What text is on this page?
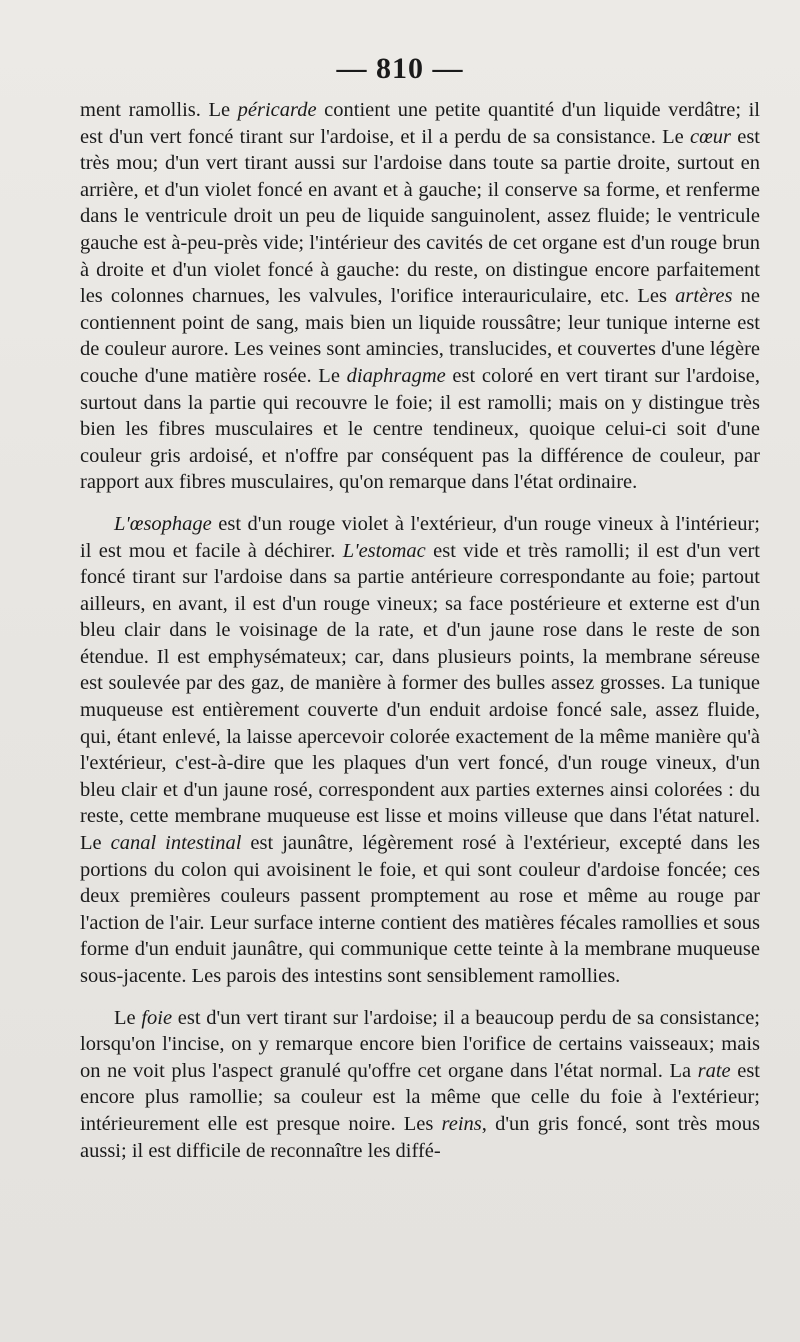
— 810 —

ment ramollis. Le péricarde contient une petite quantité d'un liquide verdâtre; il est d'un vert foncé tirant sur l'ardoise, et il a perdu de sa consistance. Le cœur est très mou; d'un vert tirant aussi sur l'ardoise dans toute sa partie droite, surtout en arrière, et d'un violet foncé en avant et à gauche; il conserve sa forme, et renferme dans le ventricule droit un peu de liquide sanguinolent, assez fluide; le ventricule gauche est à-peu-près vide; l'intérieur des cavités de cet organe est d'un rouge brun à droite et d'un violet foncé à gauche: du reste, on distingue encore parfaitement les colonnes charnues, les valvules, l'orifice interauriculaire, etc. Les artères ne contiennent point de sang, mais bien un liquide roussâtre; leur tunique interne est de couleur aurore. Les veines sont amincies, translucides, et couvertes d'une légère couche d'une matière rosée. Le diaphragme est coloré en vert tirant sur l'ardoise, surtout dans la partie qui recouvre le foie; il est ramolli; mais on y distingue très bien les fibres musculaires et le centre tendineux, quoique celui-ci soit d'une couleur gris ardoisé, et n'offre par conséquent pas la différence de couleur, par rapport aux fibres musculaires, qu'on remarque dans l'état ordinaire.

L'œsophage est d'un rouge violet à l'extérieur, d'un rouge vineux à l'intérieur; il est mou et facile à déchirer. L'estomac est vide et très ramolli; il est d'un vert foncé tirant sur l'ardoise dans sa partie antérieure correspondante au foie; partout ailleurs, en avant, il est d'un rouge vineux; sa face postérieure et externe est d'un bleu clair dans le voisinage de la rate, et d'un jaune rose dans le reste de son étendue. Il est emphysémateux; car, dans plusieurs points, la membrane séreuse est soulevée par des gaz, de manière à former des bulles assez grosses. La tunique muqueuse est entièrement couverte d'un enduit ardoise foncé sale, assez fluide, qui, étant enlevé, la laisse apercevoir colorée exactement de la même manière qu'à l'extérieur, c'est-à-dire que les plaques d'un vert foncé, d'un rouge vineux, d'un bleu clair et d'un jaune rosé, correspondent aux parties externes ainsi colorées : du reste, cette membrane muqueuse est lisse et moins villeuse que dans l'état naturel. Le canal intestinal est jaunâtre, légèrement rosé à l'extérieur, excepté dans les portions du colon qui avoisinent le foie, et qui sont couleur d'ardoise foncée; ces deux premières couleurs passent promptement au rose et même au rouge par l'action de l'air. Leur surface interne contient des matières fécales ramollies et sous forme d'un enduit jaunâtre, qui communique cette teinte à la membrane muqueuse sous-jacente. Les parois des intestins sont sensiblement ramollies.

Le foie est d'un vert tirant sur l'ardoise; il a beaucoup perdu de sa consistance; lorsqu'on l'incise, on y remarque encore bien l'orifice de certains vaisseaux; mais on ne voit plus l'aspect granulé qu'offre cet organe dans l'état normal. La rate est encore plus ramollie; sa couleur est la même que celle du foie à l'extérieur; intérieurement elle est presque noire. Les reins, d'un gris foncé, sont très mous aussi; il est difficile de reconnaître les diffé-
